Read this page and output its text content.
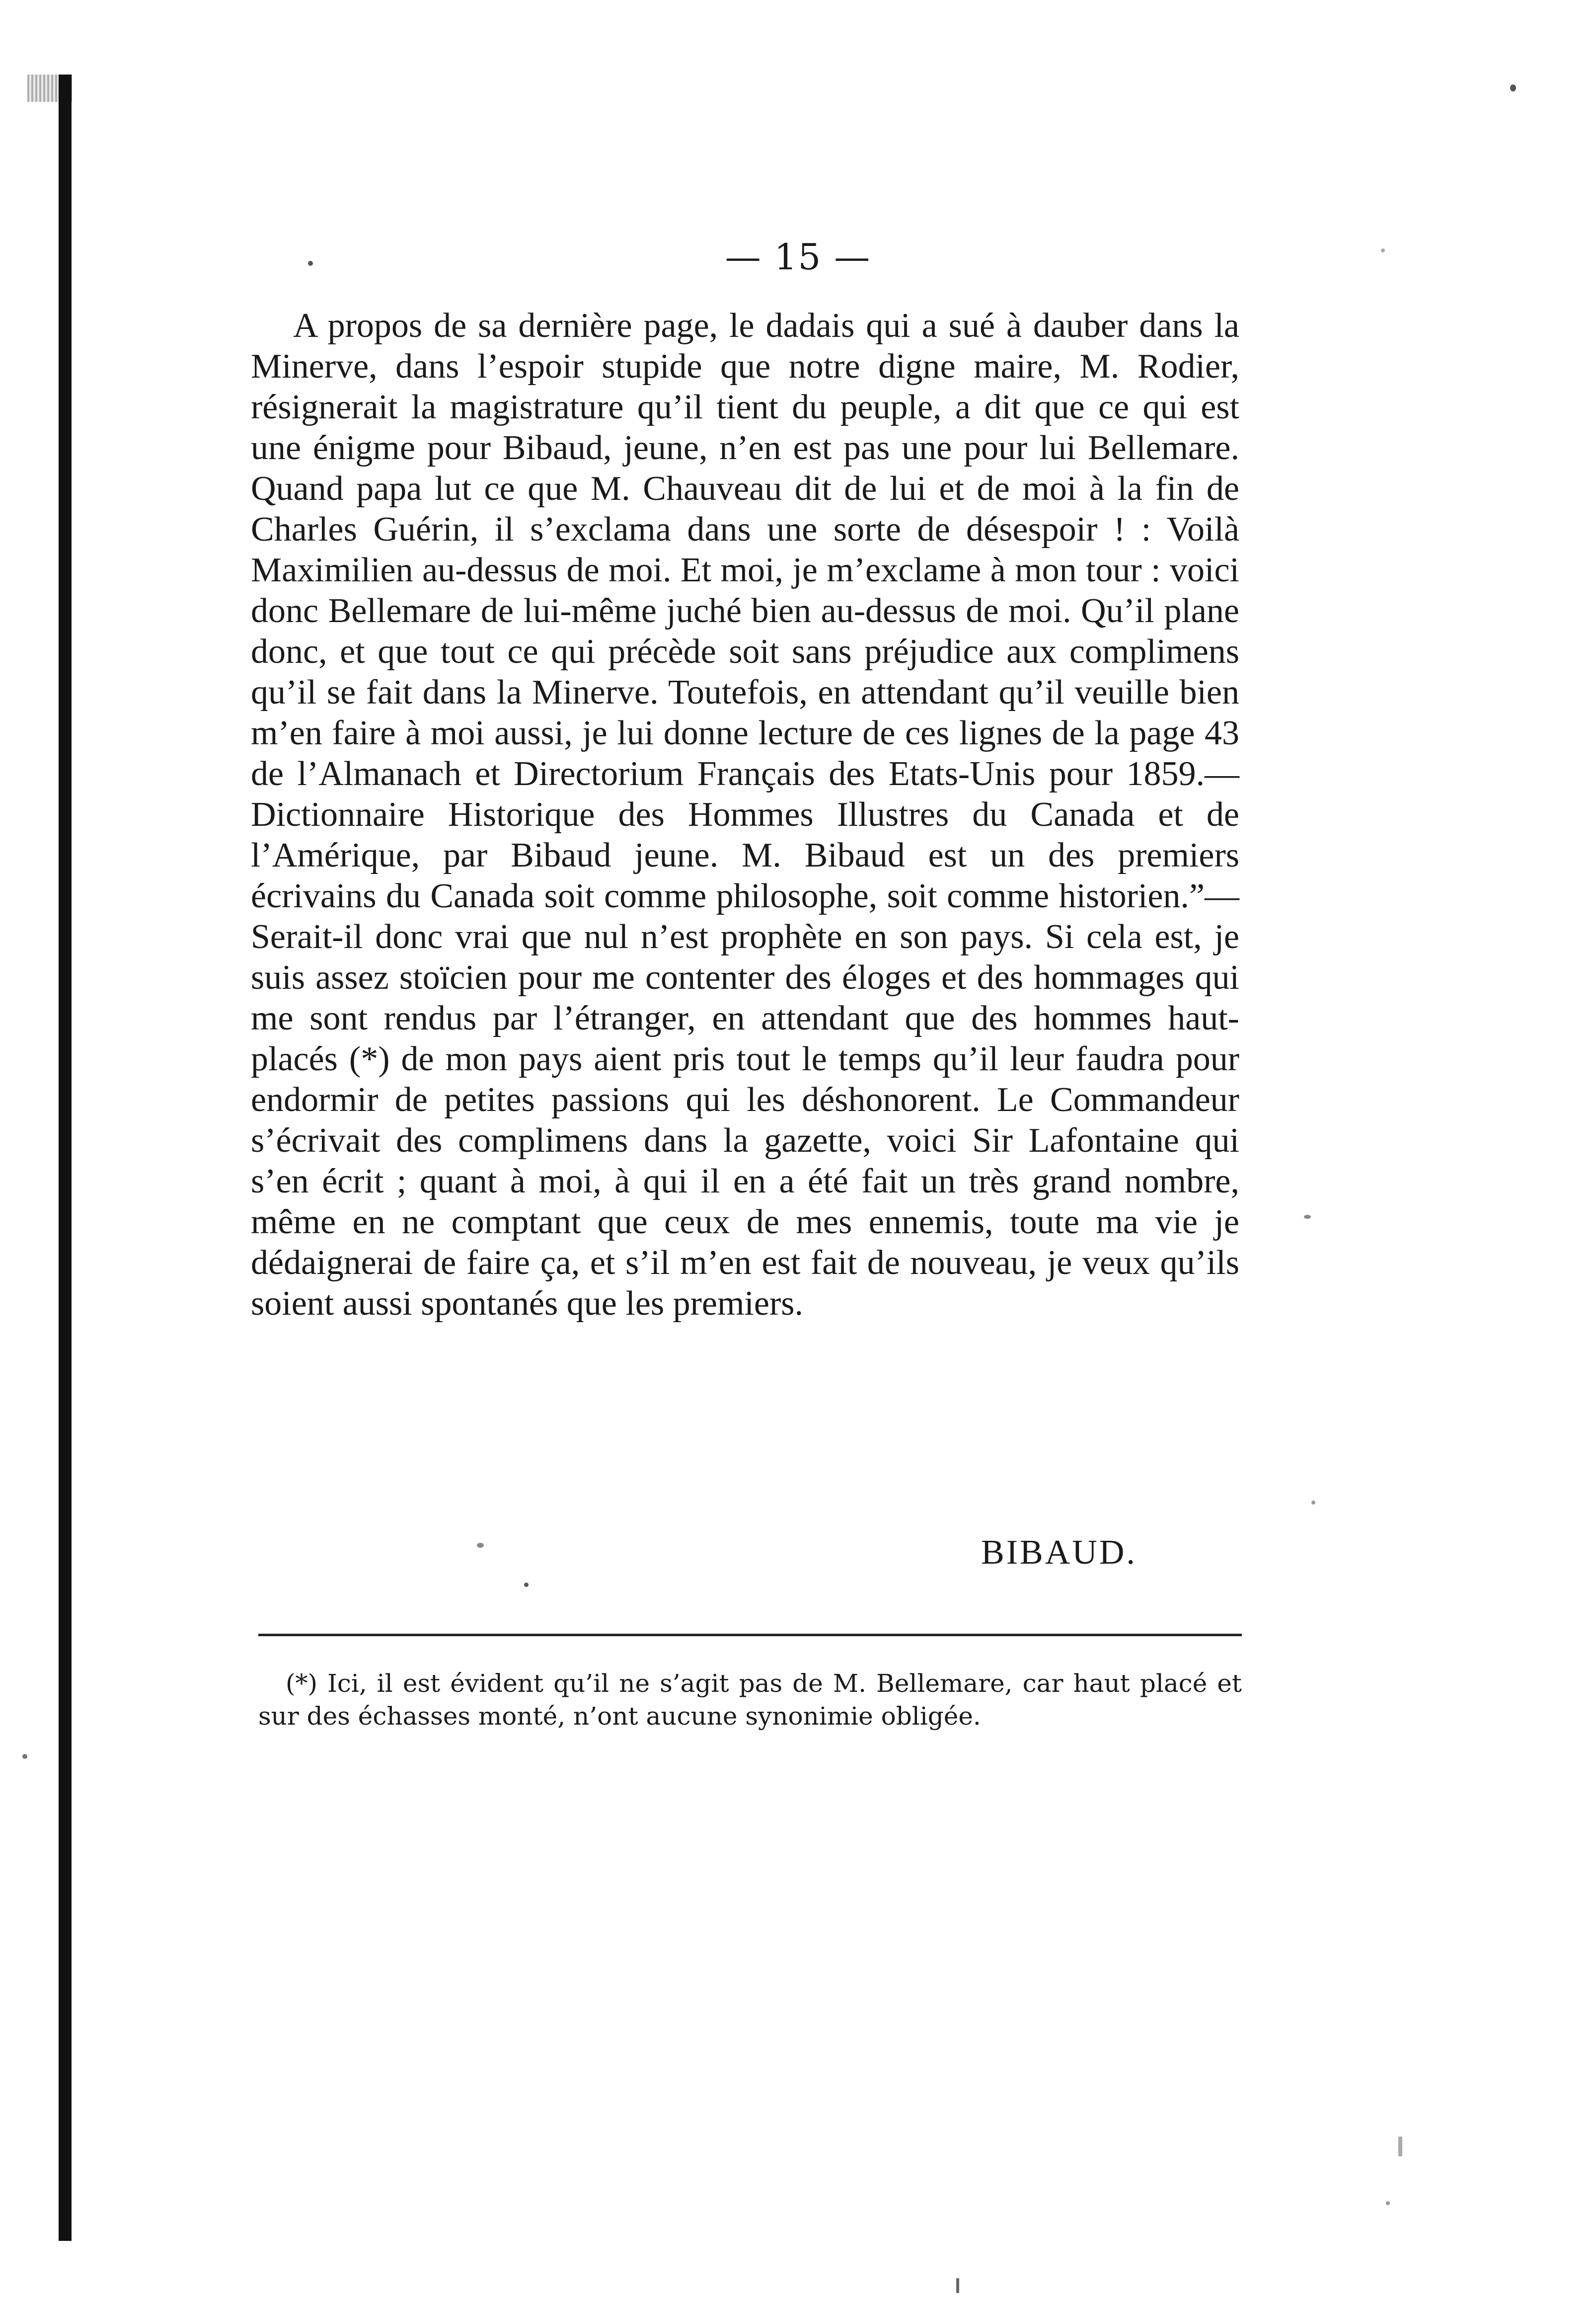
— 15 —

A propos de sa dernière page, le dadais qui a sué à dauber dans la Minerve, dans l’espoir stupide que notre digne maire, M. Rodier, résignerait la magistrature qu’il tient du peuple, a dit que ce qui est une énigme pour Bibaud, jeune, n’en est pas une pour lui Bellemare. Quand papa lut ce que M. Chauveau dit de lui et de moi à la fin de Charles Guérin, il s’exclama dans une sorte de désespoir ! : Voilà Maximilien au-dessus de moi. Et moi, je m’exclame à mon tour : voici donc Bellemare de lui-même juché bien au-dessus de moi. Qu’il plane donc, et que tout ce qui précède soit sans préjudice aux complimens qu’il se fait dans la Minerve. Toutefois, en attendant qu’il veuille bien m’en faire à moi aussi, je lui donne lecture de ces lignes de la page 43 de l’Almanach et Directorium Français des Etats-Unis pour 1859.—Dictionnaire Historique des Hommes Illustres du Canada et de l’Amérique, par Bibaud jeune. M. Bibaud est un des premiers écrivains du Canada soit comme philosophe, soit comme historien.”—Serait-il donc vrai que nul n’est prophète en son pays. Si cela est, je suis assez stoïcien pour me contenter des éloges et des hommages qui me sont rendus par l’étranger, en attendant que des hommes haut-placés (*) de mon pays aient pris tout le temps qu’il leur faudra pour endormir de petites passions qui les déshonorent. Le Commandeur s’écrivait des complimens dans la gazette, voici Sir Lafontaine qui s’en écrit ; quant à moi, à qui il en a été fait un très grand nombre, même en ne comptant que ceux de mes ennemis, toute ma vie je dédaignerai de faire ça, et s’il m’en est fait de nouveau, je veux qu’ils soient aussi spontanés que les premiers.

BIBAUD.

(*) Ici, il est évident qu’il ne s’agit pas de M. Bellemare, car haut placé et sur des échasses monté, n’ont aucune synonimie obligée.
